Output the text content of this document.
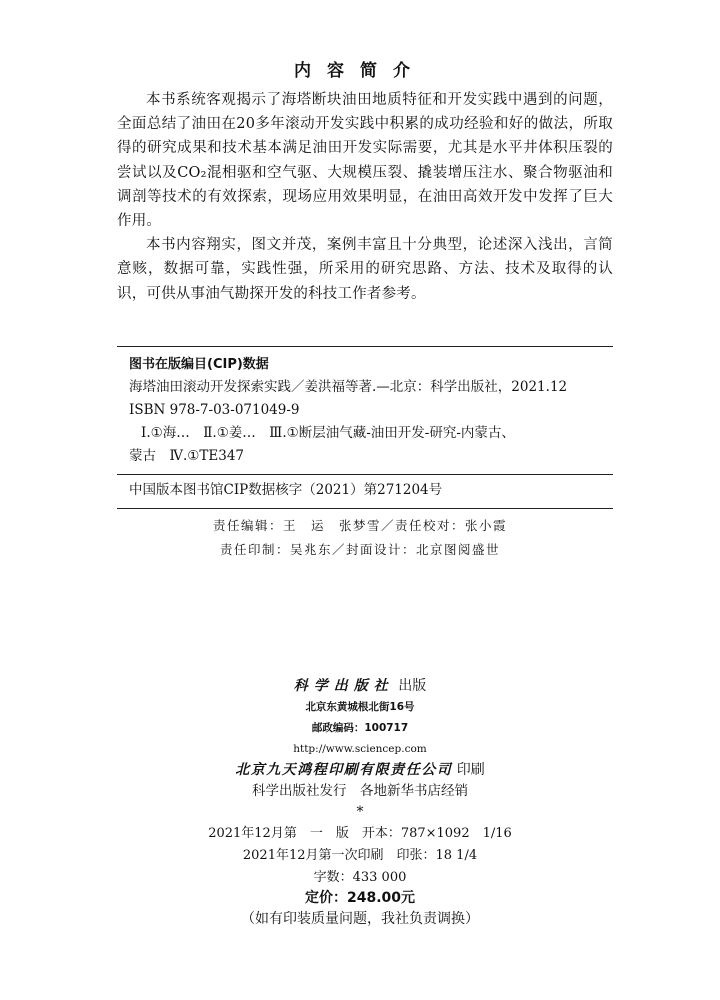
内容简介

本书系统客观揭示了海塔断块油田地质特征和开发实践中遇到的问题，全面总结了油田在20多年滚动开发实践中积累的成功经验和好的做法，所取得的研究成果和技术基本满足油田开发实际需要，尤其是水平井体积压裂的尝试以及CO₂混相驱和空气驱、大规模压裂、撬装增压注水、聚合物驱油和调剖等技术的有效探索，现场应用效果明显，在油田高效开发中发挥了巨大作用。

本书内容翔实，图文并茂，案例丰富且十分典型，论述深入浅出，言简意赅，数据可靠，实践性强，所采用的研究思路、方法、技术及取得的认识，可供从事油气勘探开发的科技工作者参考。

图书在版编目(CIP)数据
海塔油田滚动开发探索实践／姜洪福等著.—北京：科学出版社，2021.12
ISBN 978-7-03-071049-9
Ⅰ.①海…　Ⅱ.①姜…　Ⅲ.①断层油气藏-油田开发-研究-内蒙古、
蒙古　Ⅳ.①TE347
中国版本图书馆CIP数据核字（2021）第271204号
责任编辑：王　运　张梦雪／责任校对：张小霞
责任印制：吴兆东／封面设计：北京图阅盛世
科学出版社 出版
北京东黄城根北街16号
邮政编码：100717
http://www.sciencep.com
北京九天鸿程印刷有限责任公司 印刷
科学出版社发行　各地新华书店经销
*
2021年12月第　一　版　开本：787×1092　1/16
2021年12月第一次印刷　印张：18 1/4
字数：433 000
定价：248.00元
（如有印装质量问题，我社负责调换）
